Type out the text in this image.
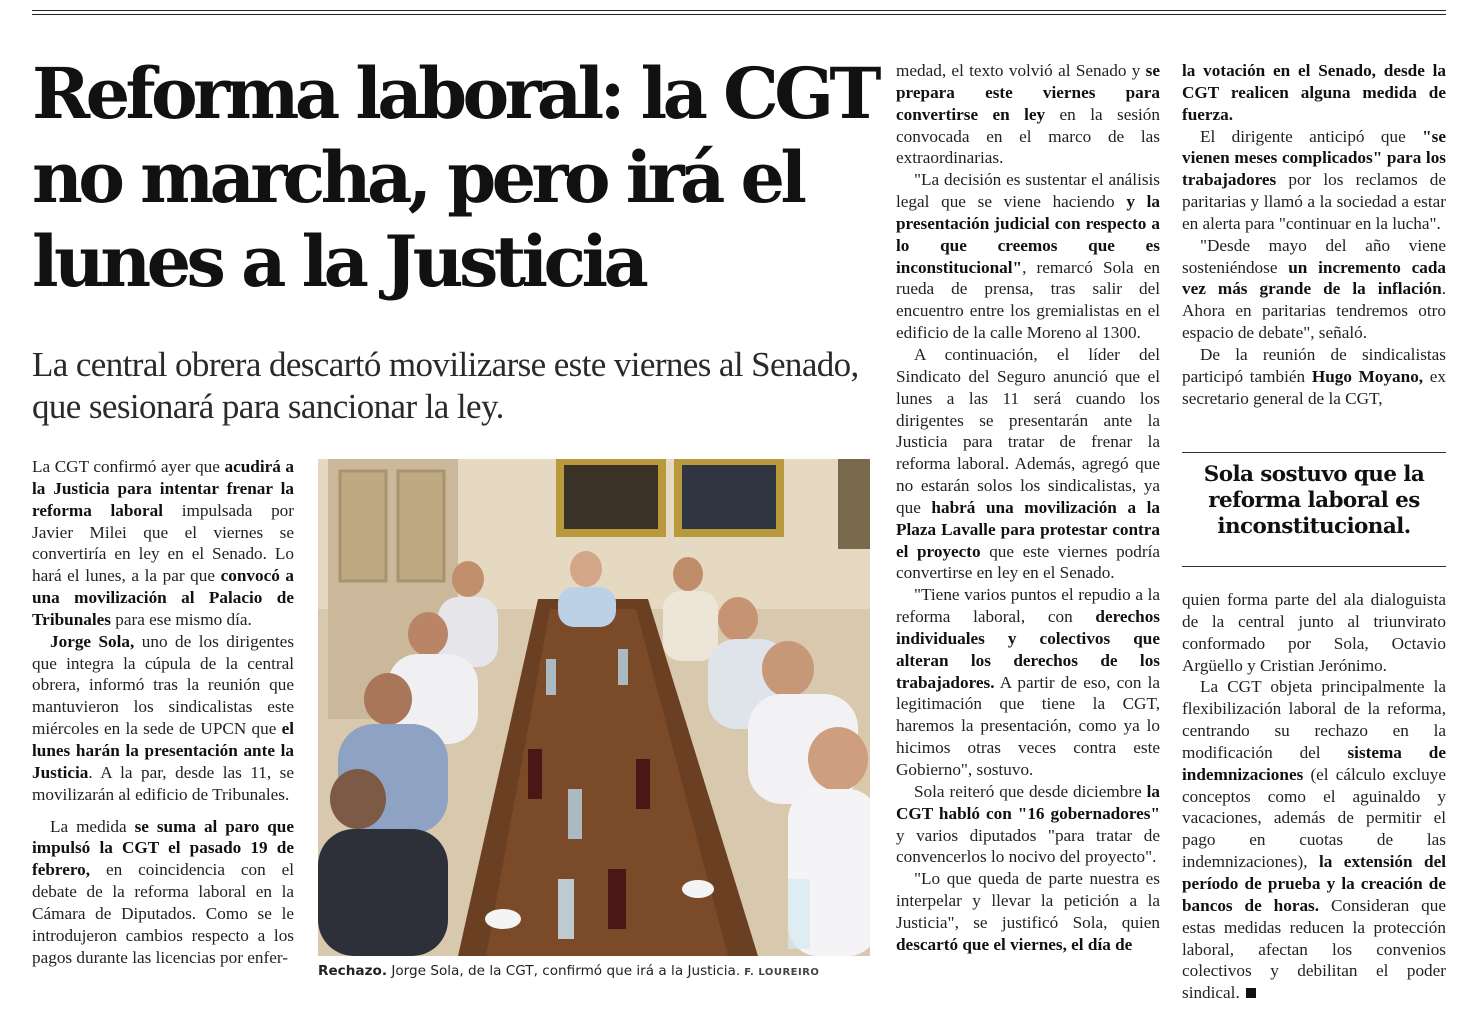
Reforma laboral: la CGT no marcha, pero irá el lunes a la Justicia
La central obrera descartó movilizarse este viernes al Senado, que sesionará para sancionar la ley.

La CGT confirmó ayer que acudirá a la Justicia para intentar frenar la reforma laboral impulsada por Javier Milei que el viernes se convertiría en ley en el Senado. Lo hará el lunes, a la par que convocó a una movilización al Palacio de Tribunales para ese mismo día.

Jorge Sola, uno de los dirigentes que integra la cúpula de la central obrera, informó tras la reunión que mantuvieron los sindicalistas este miércoles en la sede de UPCN que el lunes harán la presentación ante la Justicia. A la par, desde las 11, se movilizarán al edificio de Tribunales.

La medida se suma al paro que impulsó la CGT el pasado 19 de febrero, en coincidencia con el debate de la reforma laboral en la Cámara de Diputados. Como se le introdujeron cambios respecto a los pagos durante las licencias por enfer-

Rechazo. Jorge Sola, de la CGT, confirmó que irá a la Justicia. F. LOUREIRO

medad, el texto volvió al Senado y se prepara este viernes para convertirse en ley en la sesión convocada en el marco de las extraordinarias.

"La decisión es sustentar el análisis legal que se viene haciendo y la presentación judicial con respecto a lo que creemos que es inconstitucional", remarcó Sola en rueda de prensa, tras salir del encuentro entre los gremialistas en el edificio de la calle Moreno al 1300.

A continuación, el líder del Sindicato del Seguro anunció que el lunes a las 11 será cuando los dirigentes se presentarán ante la Justicia para tratar de frenar la reforma laboral. Además, agregó que no estarán solos los sindicalistas, ya que habrá una movilización a la Plaza Lavalle para protestar contra el proyecto que este viernes podría convertirse en ley en el Senado.

"Tiene varios puntos el repudio a la reforma laboral, con derechos individuales y colectivos que alteran los derechos de los trabajadores. A partir de eso, con la legitimación que tiene la CGT, haremos la presentación, como ya lo hicimos otras veces contra este Gobierno", sostuvo.

Sola reiteró que desde diciembre la CGT habló con "16 gobernadores" y varios diputados "para tratar de convencerlos lo nocivo del proyecto".

"Lo que queda de parte nuestra es interpelar y llevar la petición a la Justicia", se justificó Sola, quien descartó que el viernes, el día de

la votación en el Senado, desde la CGT realicen alguna medida de fuerza.

El dirigente anticipó que "se vienen meses complicados" para los trabajadores por los reclamos de paritarias y llamó a la sociedad a estar en alerta para "continuar en la lucha".

"Desde mayo del año viene sosteniéndose un incremento cada vez más grande de la inflación. Ahora en paritarias tendremos otro espacio de debate", señaló.

De la reunión de sindicalistas participó también Hugo Moyano, ex secretario general de la CGT,

Sola sostuvo que la reforma laboral es inconstitucional.

quien forma parte del ala dialoguista de la central junto al triunvirato conformado por Sola, Octavio Argüello y Cristian Jerónimo.

La CGT objeta principalmente la flexibilización laboral de la reforma, centrando su rechazo en la modificación del sistema de indemnizaciones (el cálculo excluye conceptos como el aguinaldo y vacaciones, además de permitir el pago en cuotas de las indemnizaciones), la extensión del período de prueba y la creación de bancos de horas. Consideran que estas medidas reducen la protección laboral, afectan los convenios colectivos y debilitan el poder sindical.
